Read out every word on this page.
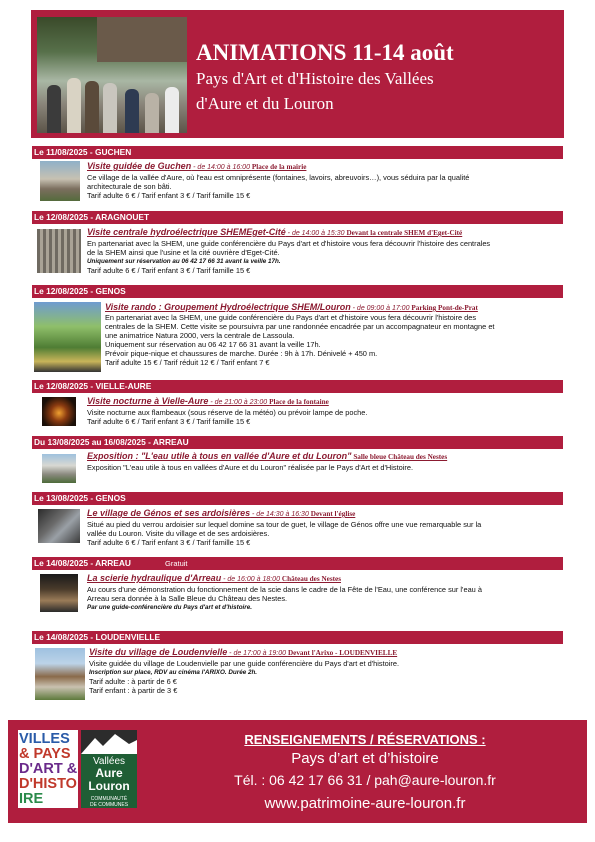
ANIMATIONS 11-14 août
Pays d'Art et d'Histoire des Vallées
d'Aure et du Louron
Le 11/08/2025 - GUCHEN
Visite guidée de Guchen - de 14:00 à 16:00 Place de la mairie
Ce village de la vallée d'Aure, où l'eau est omniprésente (fontaines, lavoirs, abreuvoirs…), vous séduira par la qualité
architecturale de son bâti.
Tarif adulte 6 € / Tarif enfant 3 € / Tarif famille 15 €
Le 12/08/2025 - ARAGNOUET
Visite centrale hydroélectrique SHEMEget-Cité - de 14:00 à 15:30 Devant la centrale SHEM d'Eget-Cité
En partenariat avec la SHEM, une guide conférencière du Pays d'art et d'histoire vous fera découvrir l'histoire des centrales
de la SHEM ainsi que l'usine et la cité ouvrière d'Eget-Cité.
Uniquement sur réservation au 06 42 17 66 31 avant la veille 17h.
Tarif adulte 6 € / Tarif enfant 3 € / Tarif famille 15 €
Le 12/08/2025 - GENOS
Visite rando : Groupement Hydroélectrique SHEM/Louron - de 09:00 à 17:00 Parking Pont-de-Prat
En partenariat avec la SHEM, une guide conférencière du Pays d'art et d'histoire vous fera découvrir l'histoire des
centrales de la SHEM. Cette visite se poursuivra par une randonnée encadrée par un accompagnateur en montagne et
une animatrice Natura 2000, vers la centrale de Lassoula.
Uniquement sur réservation au 06 42 17 66 31 avant la veille 17h.
Prévoir pique-nique et chaussures de marche. Durée : 9h à 17h. Dénivelé + 450 m.
Tarif adulte 15 € / Tarif réduit 12 € / Tarif enfant 7 €
Le 12/08/2025 - VIELLE-AURE
Visite nocturne à Vielle-Aure - de 21:00 à 23:00 Place de la fontaine
Visite nocturne aux flambeaux (sous réserve de la météo) ou prévoir lampe de poche.
Tarif adulte 6 € / Tarif enfant 3 € / Tarif famille 15 €
Du 13/08/2025 au 16/08/2025 - ARREAU
Exposition : "L'eau utile à tous en vallée d'Aure et du Louron" Salle bleue Château des Nestes
Exposition "L'eau utile à tous en vallées d'Aure et du Louron" réalisée par le Pays d'Art et d'Histoire.
Le 13/08/2025 - GENOS
Le village de Génos et ses ardoisières - de 14:30 à 16:30 Devant l'église
Situé au pied du verrou ardoisier sur lequel domine sa tour de guet, le village de Génos offre une vue remarquable sur la
vallée du Louron. Visite du village et de ses ardoisières.
Tarif adulte 6 € / Tarif enfant 3 € / Tarif famille 15 €
Le 14/08/2025 - ARREAU	Gratuit
La scierie hydraulique d'Arreau - de 16:00 à 18:00 Château des Nestes
Au cours d'une démonstration du fonctionnement de la scie dans le cadre de la Fête de l'Eau, une conférence sur l'eau à
Arreau sera donnée à la Salle Bleue du Château des Nestes.
Par une guide-conférencière du Pays d'art et d'histoire.
Le 14/08/2025 - LOUDENVIELLE
Visite du village de Loudenvielle - de 17:00 à 19:00 Devant l'Arixo - LOUDENVIELLE
Visite guidée du village de Loudenvielle par une guide conférencière du Pays d'art et d'histoire.
Inscription sur place, RDV au cinéma l'ARIXO. Durée 2h.
Tarif adulte : à partir de 6 €
Tarif enfant : à partir de 3 €
VILLES
& PAYS
D'ART &
D'HISTO
IRE
Vallées
Aure
Louron
COMMUNAUTÉ
DE COMMUNES
RENSEIGNEMENTS / RÉSERVATIONS :
Pays d’art et d’histoire
Tél. : 06 42 17 66 31 / pah@aure-louron.fr
www.patrimoine-aure-louron.fr
